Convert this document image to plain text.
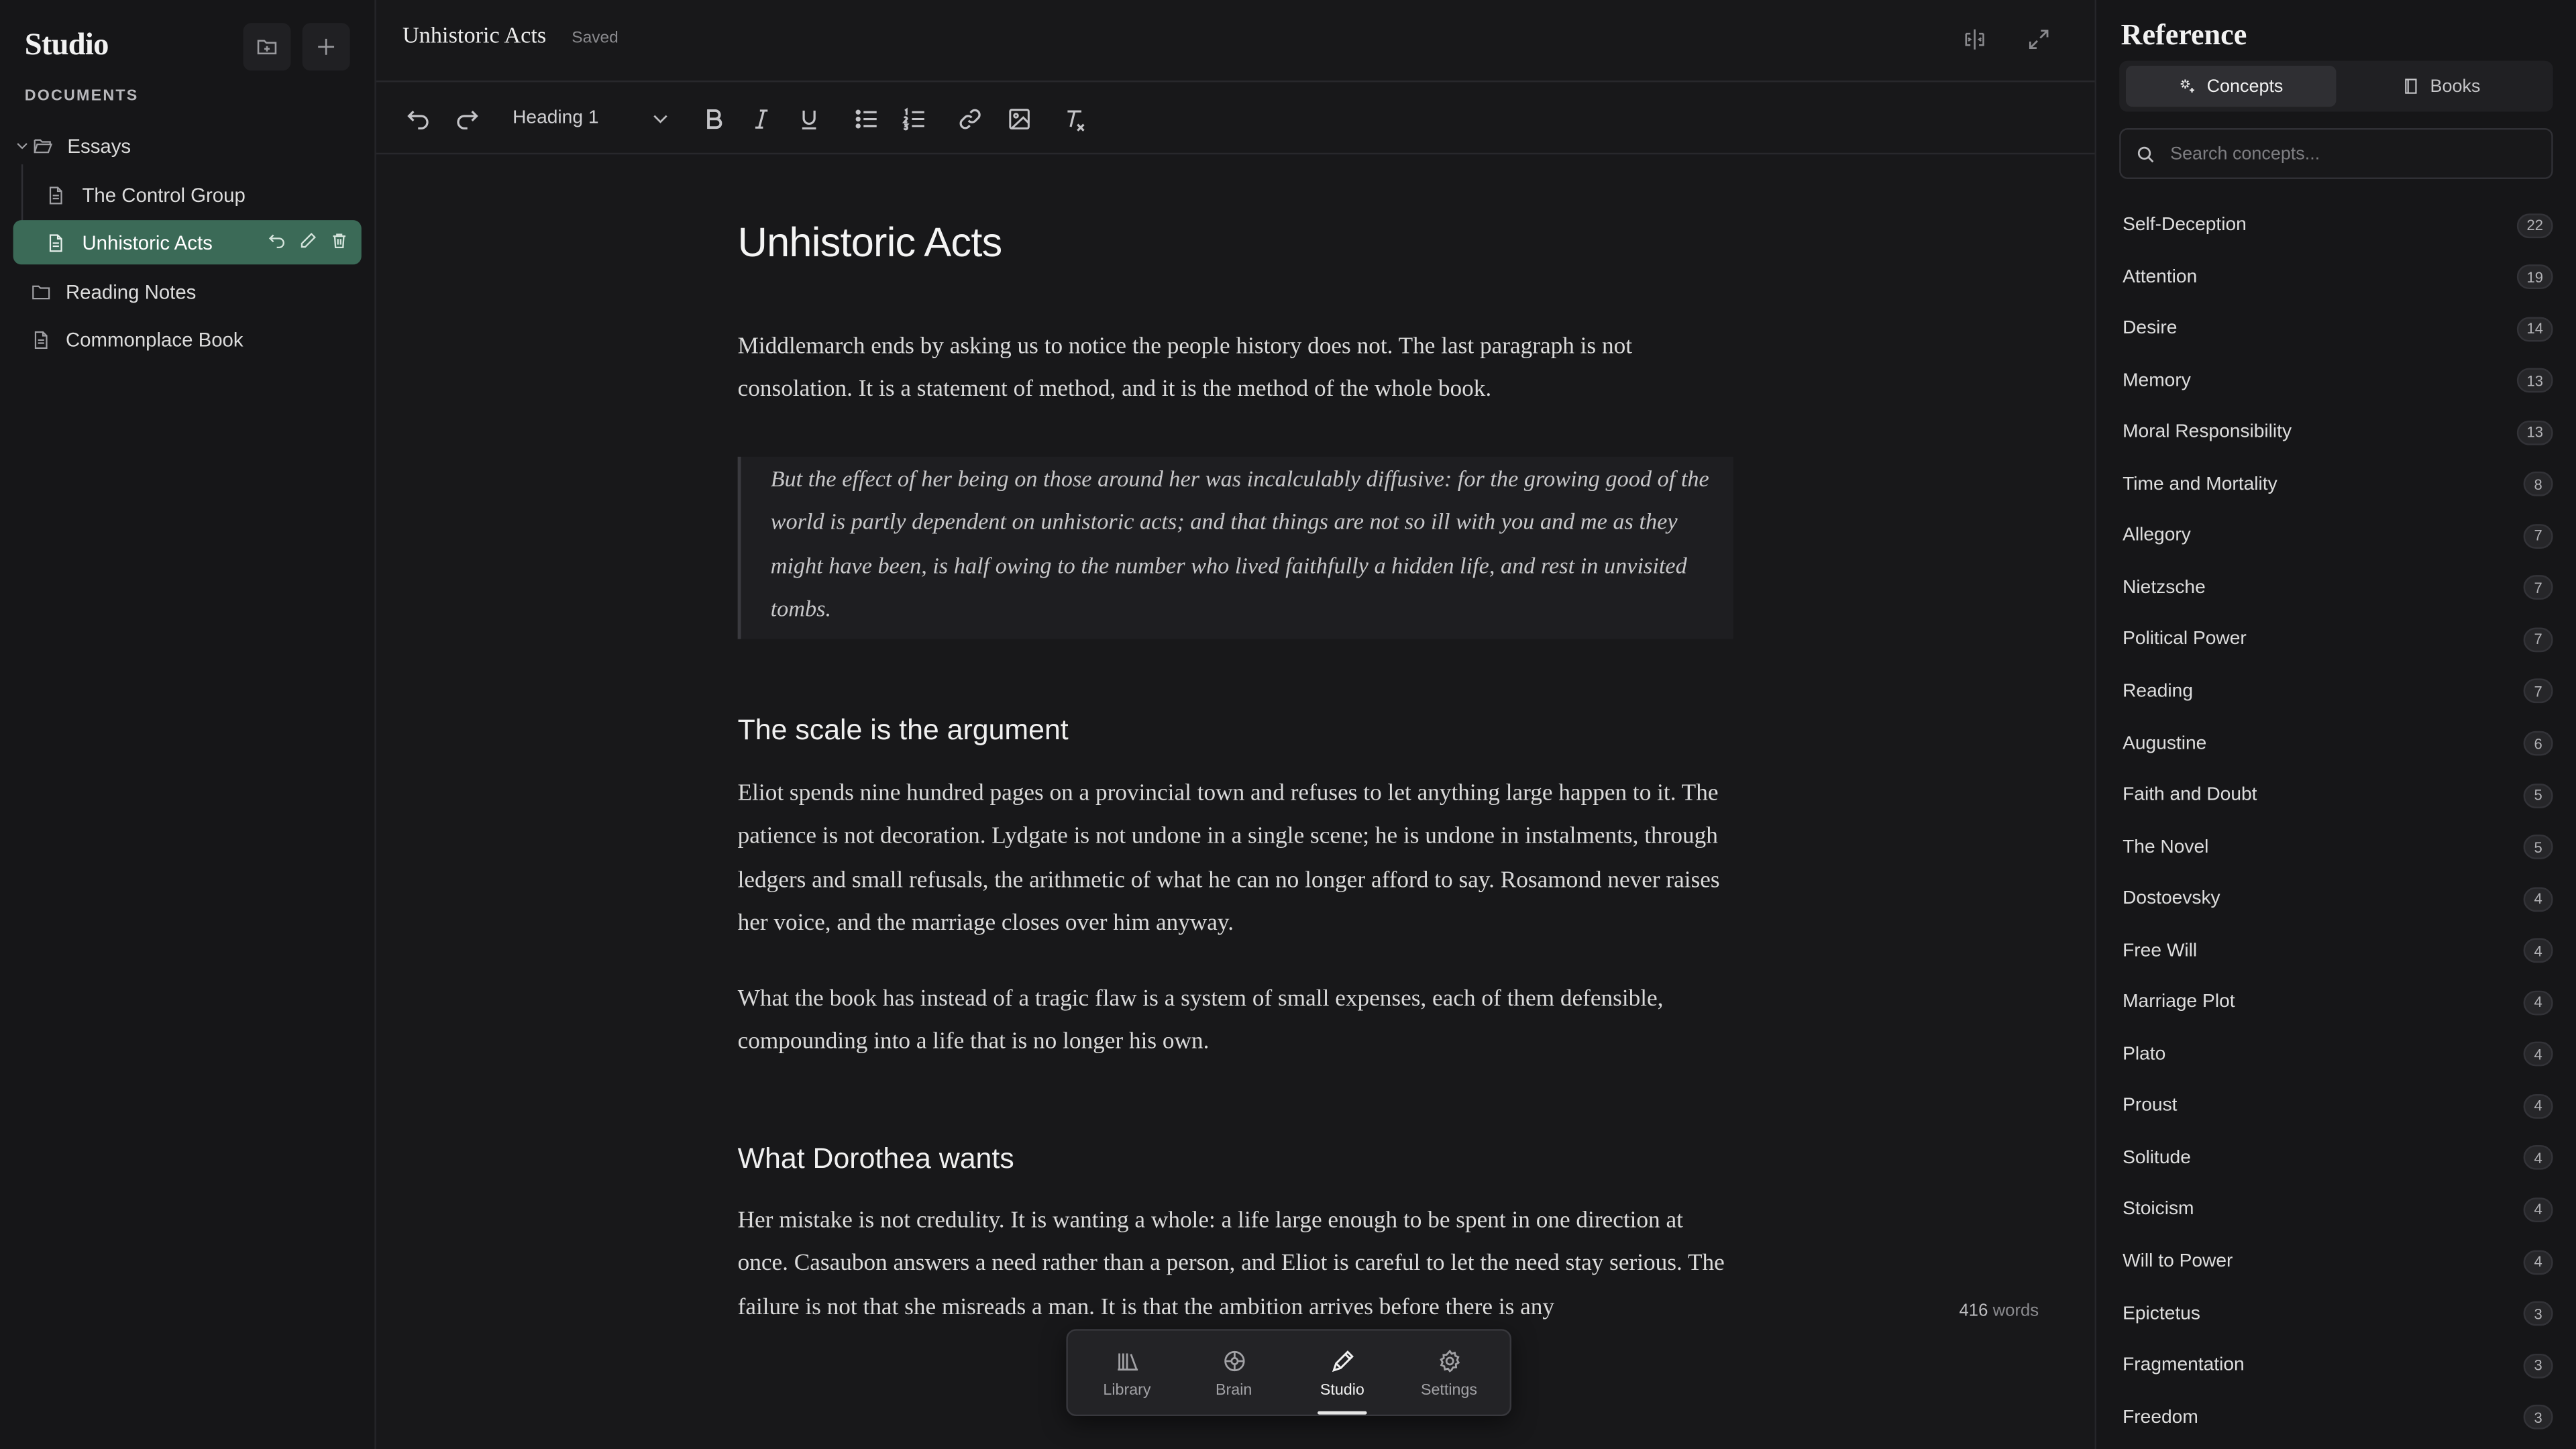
Studio
DOCUMENTS
Essays
The Control Group
Unhistoric Acts
Reading Notes
Commonplace Book
Unhistoric Acts	Saved
Heading 1
Unhistoric Acts

Middlemarch ends by asking us to notice the people history does not. The last paragraph is not consolation. It is a statement of method, and it is the method of the whole book.

But the effect of her being on those around her was incalculably diffusive: for the growing good of the world is partly dependent on unhistoric acts; and that things are not so ill with you and me as they might have been, is half owing to the number who lived faithfully a hidden life, and rest in unvisited tombs.
The scale is the argument

Eliot spends nine hundred pages on a provincial town and refuses to let anything large happen to it. The patience is not decoration. Lydgate is not undone in a single scene; he is undone in instalments, through ledgers and small refusals, the arithmetic of what he can no longer afford to say. Rosamond never raises her voice, and the marriage closes over him anyway.

What the book has instead of a tragic flaw is a system of small expenses, each of them defensible, compounding into a life that is no longer his own.

What Dorothea wants

Her mistake is not credulity. It is wanting a whole: a life large enough to be spent in one direction at once. Casaubon answers a need rather than a person, and Eliot is careful to let the need stay serious. The failure is not that she misreads a man. It is that the ambition arrives before there is any	416 words
Library	Brain	Studio	Settings
Reference
Concepts	Books
Search concepts...
Self-Deception	22
Attention	19
Desire	14
Memory	13
Moral Responsibility	13
Time and Mortality	8
Allegory	7
Nietzsche	7
Political Power	7
Reading	7
Augustine	6
Faith and Doubt	5
The Novel	5
Dostoevsky	4
Free Will	4
Marriage Plot	4
Plato	4
Proust	4
Solitude	4
Stoicism	4
Will to Power	4
Epictetus	3
Fragmentation	3
Freedom	3
